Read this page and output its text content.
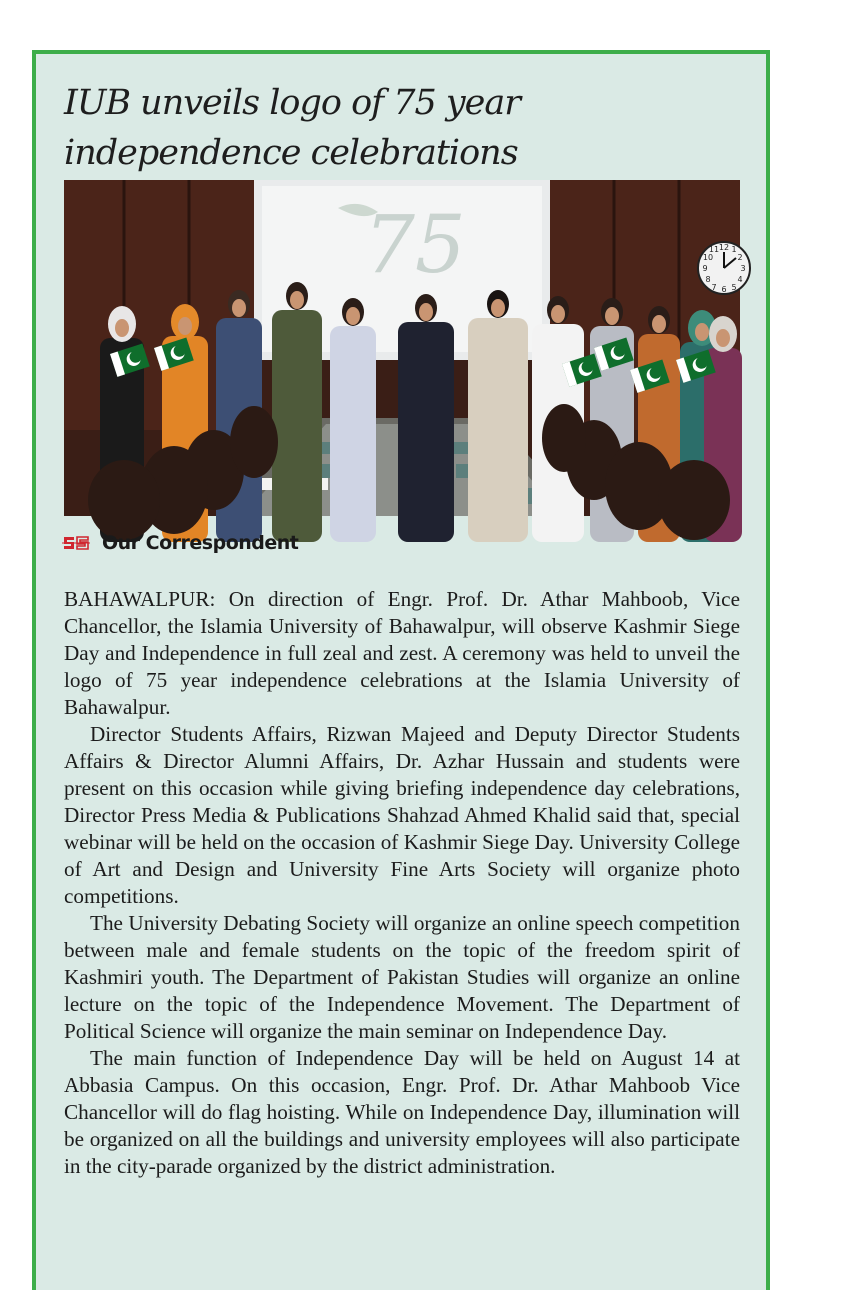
IUB unveils logo of 75 year independence celebrations
75	12
11 1
10	2
9	3
8	4
7 5
6
Our Correspondent

BAHAWALPUR: On direction of Engr. Prof. Dr. Athar Mahboob, Vice Chancellor, the Islamia University of Bahawalpur, will observe Kashmir Siege Day and Independence in full zeal and zest. A ceremony was held to unveil the logo of 75 year independence celebrations at the Islamia University of Bahawalpur.

Director Students Affairs, Rizwan Majeed and Deputy Director Students Affairs & Director Alumni Affairs, Dr. Azhar Hussain and students were present on this occasion while giving briefing independence day celebrations, Director Press Media & Publications Shahzad Ahmed Khalid said that, special webinar will be held on the occasion of Kashmir Siege Day. University College of Art and Design and University Fine Arts Society will organize photo competitions.

The University Debating Society will organize an online speech competition between male and female students on the topic of the freedom spirit of Kashmiri youth. The Department of Pakistan Studies will organize an online lecture on the topic of the Independence Movement. The Department of Political Science will organize the main seminar on Independence Day.

The main function of Independence Day will be held on August 14 at Abbasia Campus. On this occasion, Engr. Prof. Dr. Athar Mahboob Vice Chancellor will do flag hoisting. While on Independence Day, illumination will be organized on all the buildings and university employees will also participate in the city-parade organized by the district administration.
